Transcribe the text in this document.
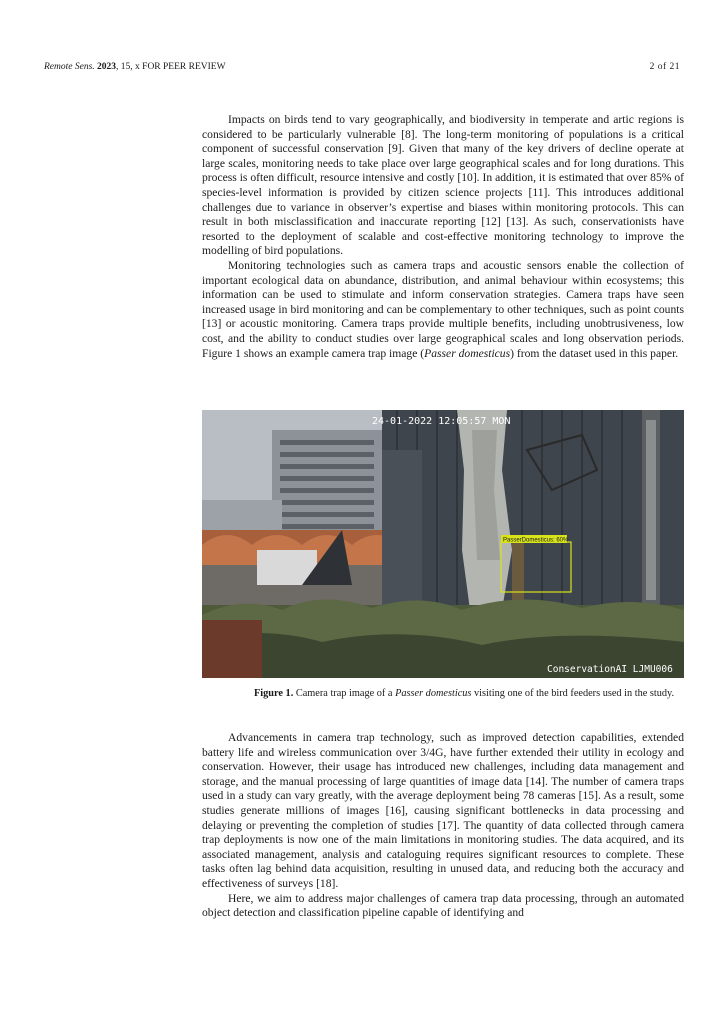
Remote Sens. 2023, 15, x FOR PEER REVIEW	2 of 21

Impacts on birds tend to vary geographically, and biodiversity in temperate and artic regions is considered to be particularly vulnerable [8]. The long-term monitoring of populations is a critical component of successful conservation [9]. Given that many of the key drivers of decline operate at large scales, monitoring needs to take place over large geographical scales and for long durations. This process is often difficult, resource intensive and costly [10]. In addition, it is estimated that over 85% of species-level information is provided by citizen science projects [11]. This introduces additional challenges due to variance in observer’s expertise and biases within monitoring protocols. This can result in both misclassification and inaccurate reporting [12] [13]. As such, conservationists have resorted to the deployment of scalable and cost-effective monitoring technology to improve the modelling of bird populations.

Monitoring technologies such as camera traps and acoustic sensors enable the collection of important ecological data on abundance, distribution, and animal behaviour within ecosystems; this information can be used to stimulate and inform conservation strategies. Camera traps have seen increased usage in bird monitoring and can be complementary to other techniques, such as point counts [13] or acoustic monitoring. Camera traps provide multiple benefits, including unobtrusiveness, low cost, and the ability to conduct studies over large geographical scales and long observation periods. Figure 1 shows an example camera trap image (Passer domesticus) from the dataset used in this paper.

PasserDomesticus: 60%
24-01-2022 12:05:57 MON
ConservationAI LJMU006
Figure 1. Camera trap image of a Passer domesticus visiting one of the bird feeders used in the study.

Advancements in camera trap technology, such as improved detection capabilities, extended battery life and wireless communication over 3/4G, have further extended their utility in ecology and conservation. However, their usage has introduced new challenges, including data management and storage, and the manual processing of large quantities of image data [14]. The number of camera traps used in a study can vary greatly, with the average deployment being 78 cameras [15]. As a result, some studies generate millions of images [16], causing significant bottlenecks in data processing and delaying or preventing the completion of studies [17]. The quantity of data collected through camera trap deployments is now one of the main limitations in monitoring studies. The data acquired, and its associated management, analysis and cataloguing requires significant resources to complete. These tasks often lag behind data acquisition, resulting in unused data, and reducing both the accuracy and effectiveness of surveys [18].

Here, we aim to address major challenges of camera trap data processing, through an automated object detection and classification pipeline capable of identifying and
